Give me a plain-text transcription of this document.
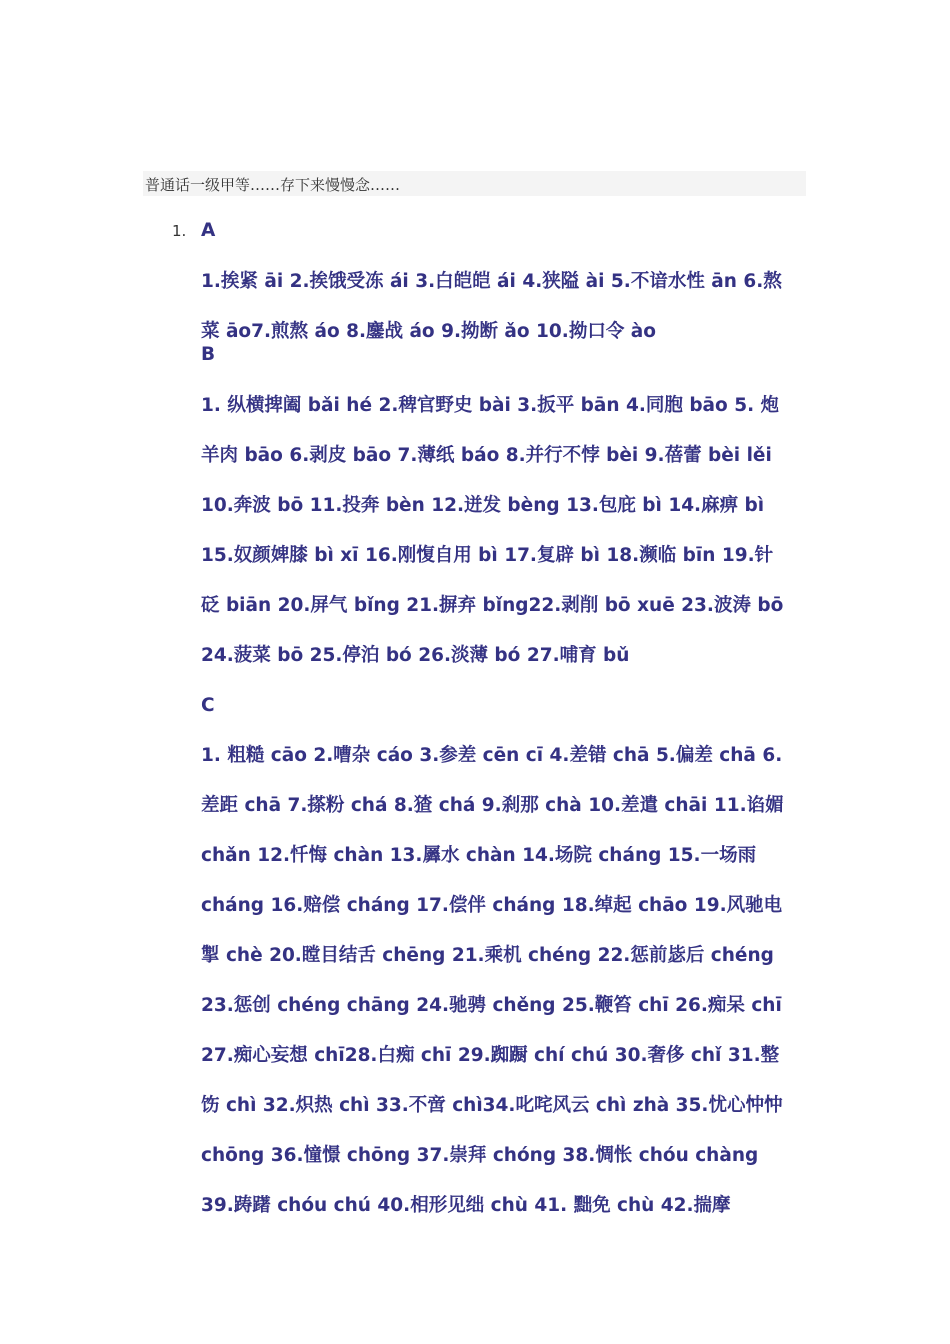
普通话一级甲等……存下来慢慢念……
1. A
1.挨紧 āi 2.挨饿受冻 ái 3.白皑皑 ái 4.狭隘 ài 5.不谙水性 ān 6.熬
菜 āo7.煎熬 áo 8.鏖战 áo 9.拗断 ǎo 10.拗口令 ào
B
1. 纵横捭阖 bǎi hé 2.稗官野史 bài 3.扳平 bān 4.同胞 bāo 5. 炮
羊肉 bāo 6.剥皮 bāo 7.薄纸 báo 8.并行不悖 bèi 9.蓓蕾 bèi lěi
10.奔波 bō 11.投奔 bèn 12.迸发 bèng 13.包庇 bì 14.麻痹 bì
15.奴颜婢膝 bì xī 16.刚愎自用 bì 17.复辟 bì 18.濒临 bīn 19.针
砭 biān 20.屏气 bǐng 21.摒弃 bǐng22.剥削 bō xuē 23.波涛 bō
24.菠菜 bō 25.停泊 bó 26.淡薄 bó 27.哺育 bǔ
C
1. 粗糙 cāo 2.嘈杂 cáo 3.参差 cēn cī 4.差错 chā 5.偏差 chā 6.
差距 chā 7.搽粉 chá 8.猹 chá 9.刹那 chà 10.差遣 chāi 11.谄媚
chǎn 12.忏悔 chàn 13.羼水 chàn 14.场院 cháng 15.一场雨
cháng 16.赔偿 cháng 17.偿伴 cháng 18.绰起 chāo 19.风驰电
掣 chè 20.瞠目结舌 chēng 21.乘机 chéng 22.惩前毖后 chéng
23.惩创 chéng chāng 24.驰骋 chěng 25.鞭笞 chī 26.痴呆 chī
27.痴心妄想 chī28.白痴 chī 29.踟蹰 chí chú 30.奢侈 chǐ 31.整
饬 chì 32.炽热 chì 33.不啻 chì34.叱咤风云 chì zhà 35.忧心忡忡
chōng 36.憧憬 chōng 37.崇拜 chóng 38.惆怅 chóu chàng
39.踌躇 chóu chú 40.相形见绌 chù 41. 黜免 chù 42.揣摩
